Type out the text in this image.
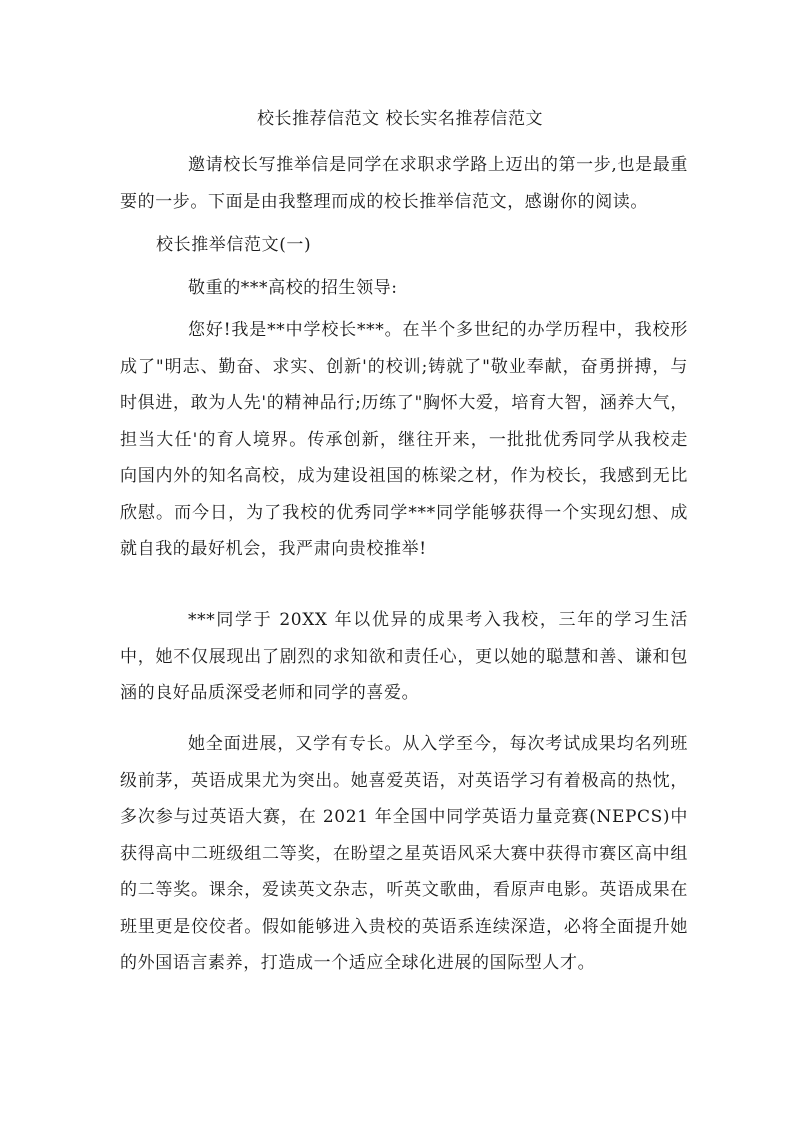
校长推荐信范文 校长实名推荐信范文

邀请校长写推举信是同学在求职求学路上迈出的第一步,也是最重要的一步。下面是由我整理而成的校长推举信范文，感谢你的阅读。

校长推举信范文(一)

敬重的***高校的招生领导:

您好!我是**中学校长***。在半个多世纪的办学历程中，我校形成了"明志、勤奋、求实、创新'的校训;铸就了"敬业奉献，奋勇拼搏，与时俱进，敢为人先'的精神品行;历练了"胸怀大爱，培育大智，涵养大气，担当大任'的育人境界。传承创新，继往开来，一批批优秀同学从我校走向国内外的知名高校，成为建设祖国的栋梁之材，作为校长，我感到无比欣慰。而今日，为了我校的优秀同学***同学能够获得一个实现幻想、成就自我的最好机会，我严肃向贵校推举!

***同学于 20XX 年以优异的成果考入我校，三年的学习生活中，她不仅展现出了剧烈的求知欲和责任心，更以她的聪慧和善、谦和包涵的良好品质深受老师和同学的喜爱。

她全面进展，又学有专长。从入学至今，每次考试成果均名列班级前茅，英语成果尤为突出。她喜爱英语，对英语学习有着极高的热忱，多次参与过英语大赛，在 2021 年全国中同学英语力量竞赛(NEPCS)中获得高中二班级组二等奖，在盼望之星英语风采大赛中获得市赛区高中组的二等奖。课余，爱读英文杂志，听英文歌曲，看原声电影。英语成果在班里更是佼佼者。假如能够进入贵校的英语系连续深造，必将全面提升她的外国语言素养，打造成一个适应全球化进展的国际型人才。
